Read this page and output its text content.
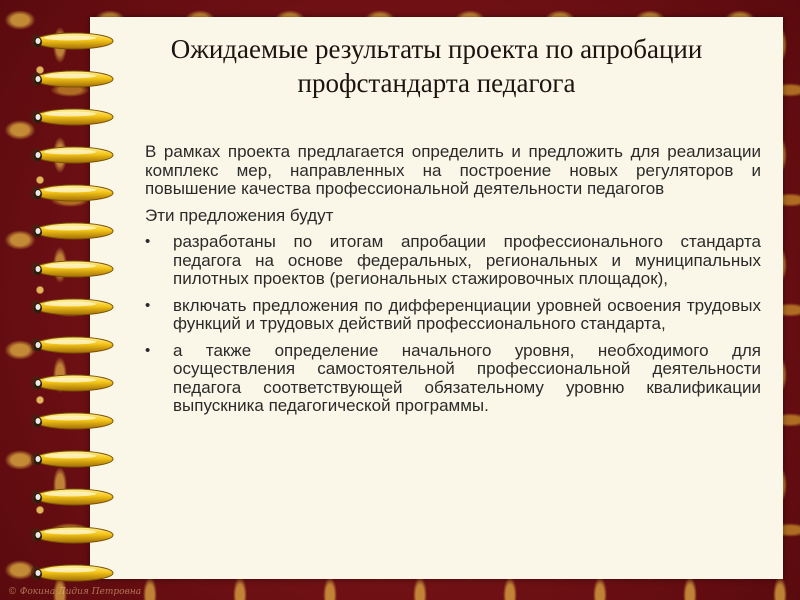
Ожидаемые результаты проекта по апробации
профстандарта педагога

В рамках проекта предлагается определить и предложить для реализации комплекс мер, направленных на построение новых регуляторов и повышение качества профессиональной деятельности педагогов

Эти предложения будут

• разработаны по итогам апробации профессионального стандарта педагога на основе федеральных, региональных и муниципальных пилотных проектов (региональных стажировочных площадок),
• включать предложения по дифференциации уровней освоения трудовых функций и трудовых действий профессионального стандарта,
• а также определение начального уровня, необходимого для осуществления самостоятельной профессиональной деятельности педагога соответствующей обязательному уровню квалификации выпускника педагогической программы.
© Фокина Лидия Петровна
